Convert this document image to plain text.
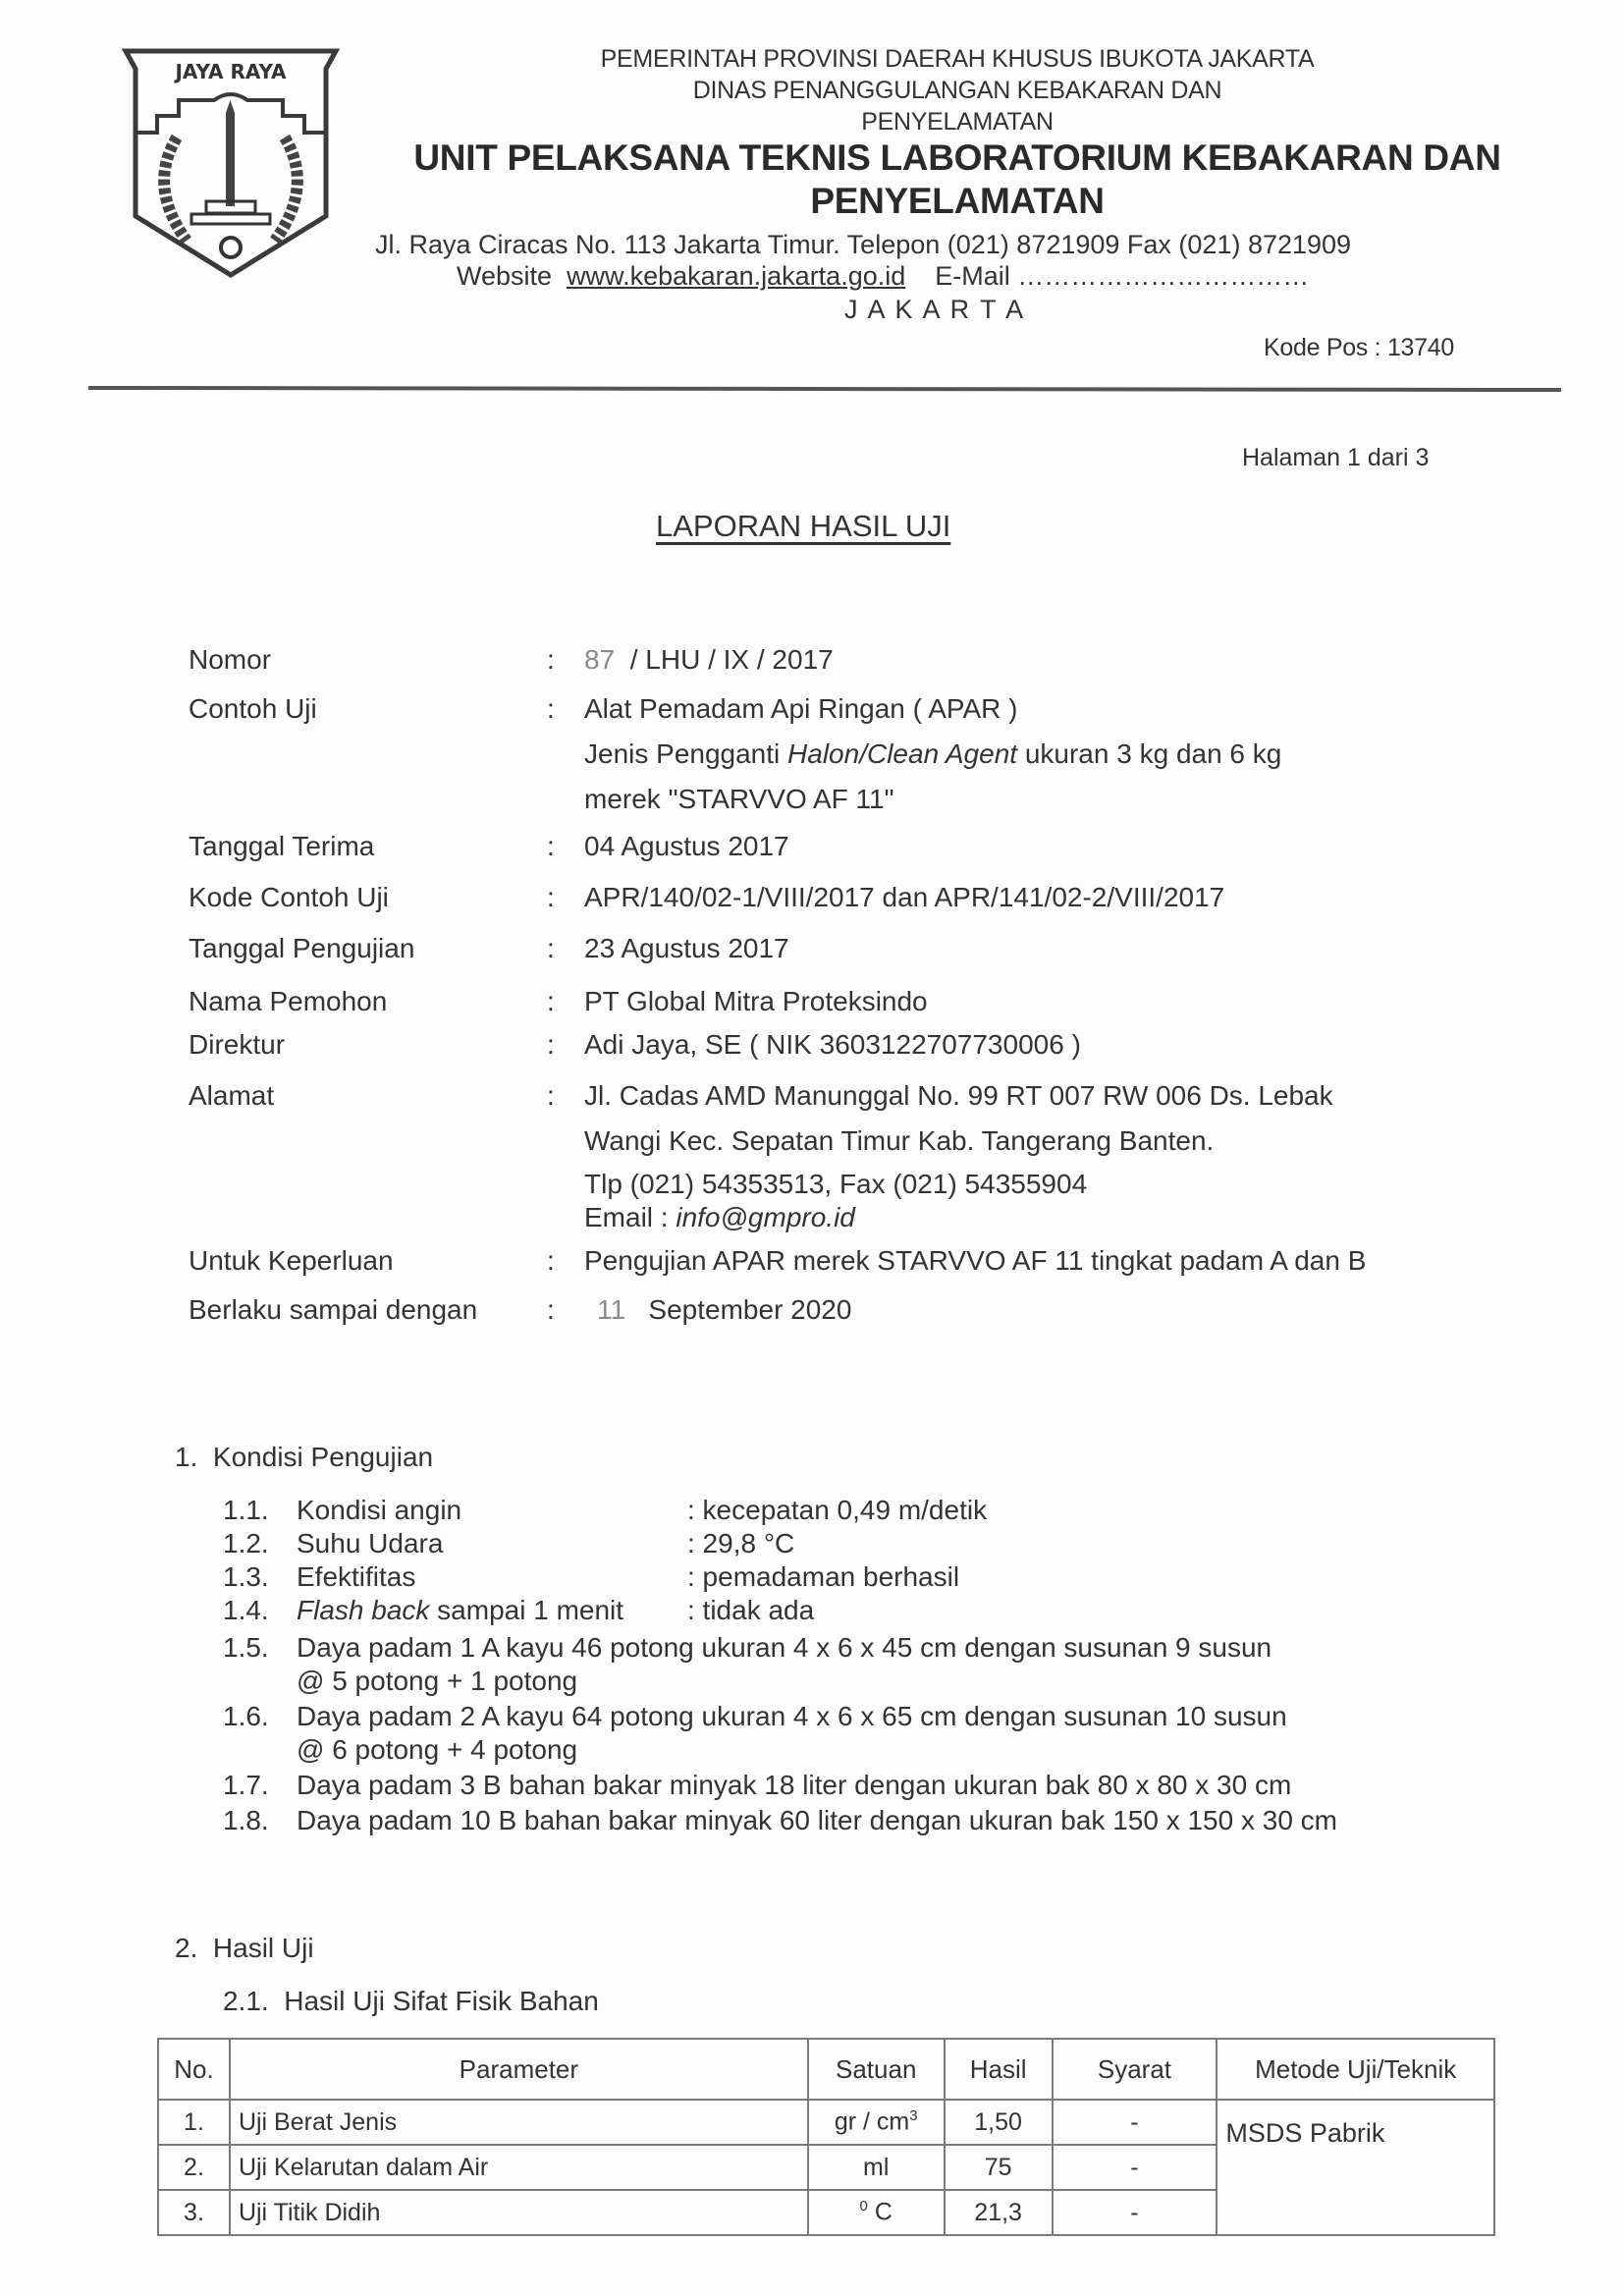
JAYA RAYA	PEMERINTAH PROVINSI DAERAH KHUSUS IBUKOTA JAKARTA
DINAS PENANGGULANGAN KEBAKARAN DAN
PENYELAMATAN
UNIT PELAKSANA TEKNIS LABORATORIUM KEBAKARAN DAN
PENYELAMATAN
Jl. Raya Ciracas No. 113 Jakarta Timur. Telepon (021) 8721909 Fax (021) 8721909
Website www.kebakaran.jakarta.go.id E-Mail ……………………………
J A K A R T A
Kode Pos : 13740
Halaman 1 dari 3
LAPORAN HASIL UJI
Nomor	: 87 / LHU / IX / 2017
Contoh Uji	: Alat Pemadam Api Ringan ( APAR )
Jenis Pengganti Halon/Clean Agent ukuran 3 kg dan 6 kg
merek "STARVVO AF 11"
Tanggal Terima	: 04 Agustus 2017
Kode Contoh Uji	: APR/140/02-1/VIII/2017 dan APR/141/02-2/VIII/2017
Tanggal Pengujian	: 23 Agustus 2017
Nama Pemohon	: PT Global Mitra Proteksindo
Direktur	: Adi Jaya, SE ( NIK 3603122707730006 )
Alamat	: Jl. Cadas AMD Manunggal No. 99 RT 007 RW 006 Ds. Lebak
Wangi Kec. Sepatan Timur Kab. Tangerang Banten.
Tlp (021) 54353513, Fax (021) 54355904
Email : info@gmpro.id
Untuk Keperluan	: Pengujian APAR merek STARVVO AF 11 tingkat padam A dan B
Berlaku sampai dengan	: 11 September 2020
1. Kondisi Pengujian
1.1. Kondisi angin	: kecepatan 0,49 m/detik
1.2. Suhu Udara	: 29,8 °C
1.3. Efektifitas	: pemadaman berhasil
1.4. Flash back sampai 1 menit : tidak ada
1.5. Daya padam 1 A kayu 46 potong ukuran 4 x 6 x 45 cm dengan susunan 9 susun
@ 5 potong + 1 potong
1.6. Daya padam 2 A kayu 64 potong ukuran 4 x 6 x 65 cm dengan susunan 10 susun
@ 6 potong + 4 potong
1.7. Daya padam 3 B bahan bakar minyak 18 liter dengan ukuran bak 80 x 80 x 30 cm
1.8. Daya padam 10 B bahan bakar minyak 60 liter dengan ukuran bak 150 x 150 x 30 cm
2. Hasil Uji
2.1. Hasil Uji Sifat Fisik Bahan
No.	Parameter	Satuan	Hasil	Syarat	Metode Uji/Teknik
1.	Uji Berat Jenis	gr / $cm^3$	1,50	-	MSDS Pabrik
2.	Uji Kelarutan dalam Air	ml	75	-	
3.	Uji Titik Didih	$^0$ C	21,3	-	
